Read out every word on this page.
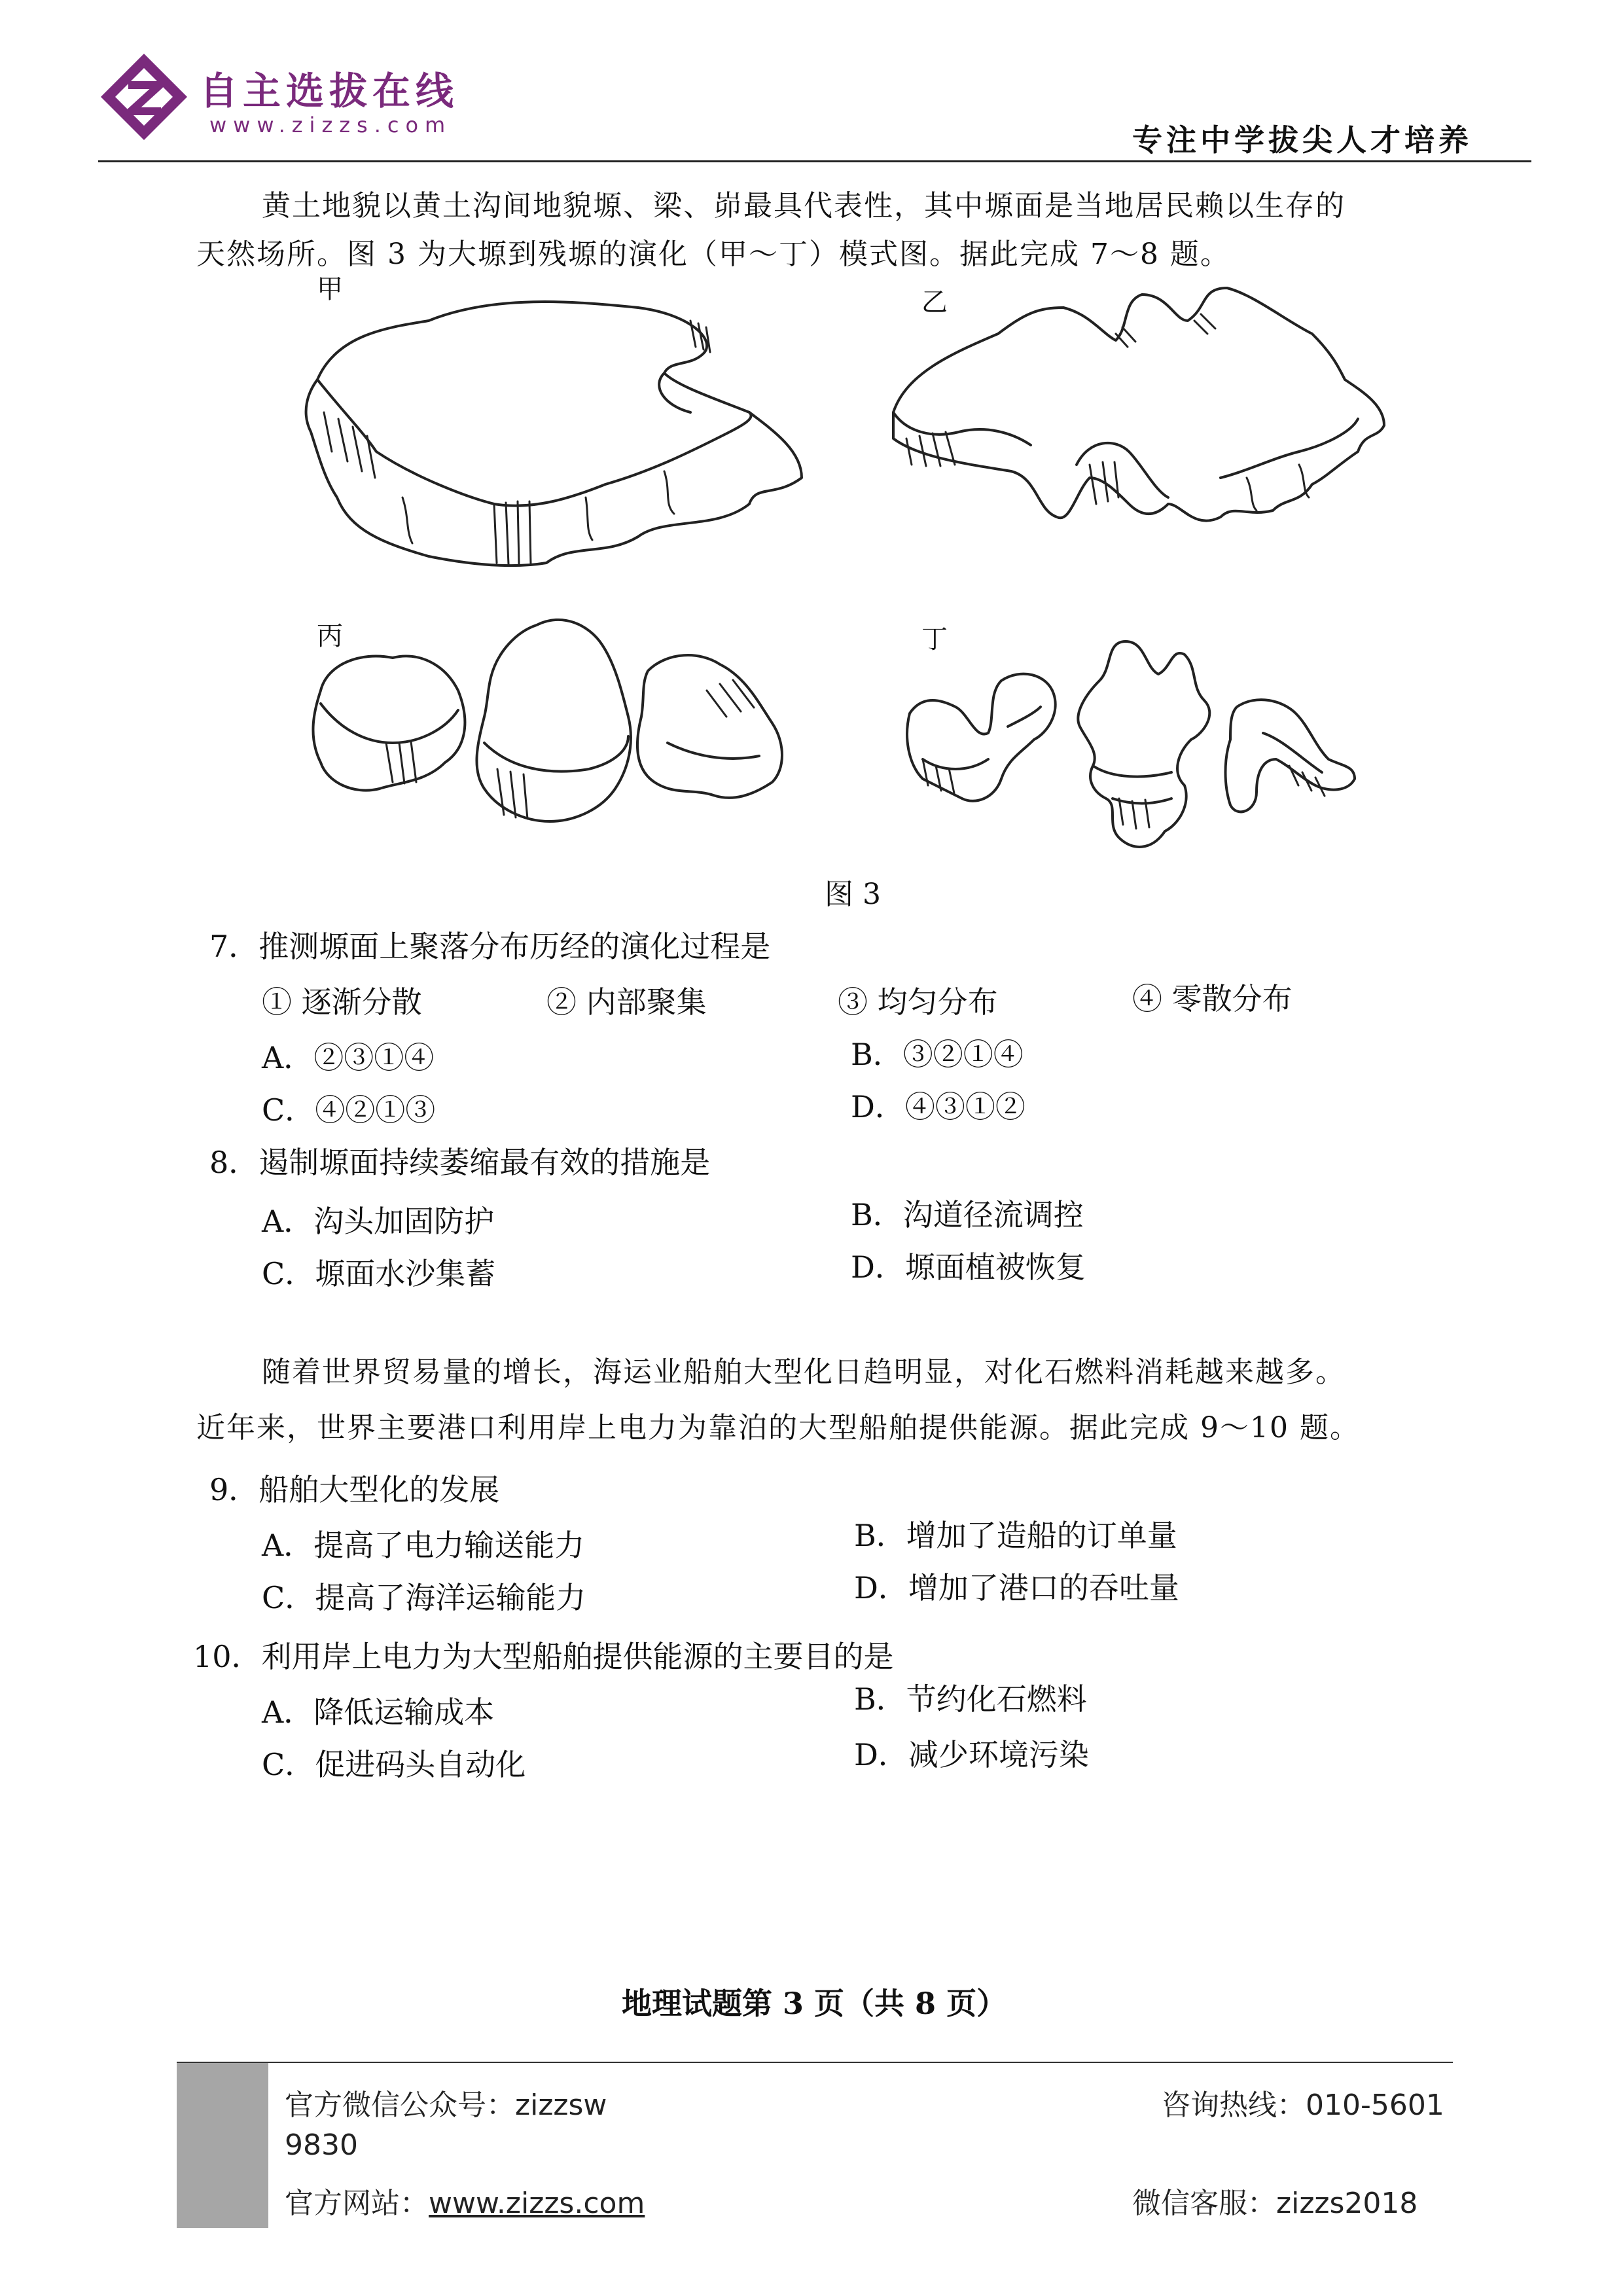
自主选拔在线
www.zizzs.com	专注中学拔尖人才培养
黄土地貌以黄土沟间地貌塬、梁、峁最具代表性，其中塬面是当地居民赖以生存的
天然场所。图 3 为大塬到残塬的演化（甲～丁）模式图。据此完成 7～8 题。
甲	乙
丙	丁
图 3
7．推测塬面上聚落分布历经的演化过程是
① 逐渐分散	② 内部聚集	③ 均匀分布	④ 零散分布
A．②③①④	B．③②①④
C．④②①③	D．④③①②
8．遏制塬面持续萎缩最有效的措施是
A．沟头加固防护	B．沟道径流调控
C．塬面水沙集蓄	D．塬面植被恢复
随着世界贸易量的增长，海运业船舶大型化日趋明显，对化石燃料消耗越来越多。
近年来，世界主要港口利用岸上电力为靠泊的大型船舶提供能源。据此完成 9～10 题。
9．船舶大型化的发展
A．提高了电力输送能力	B．增加了造船的订单量
C．提高了海洋运输能力	D．增加了港口的吞吐量
10．利用岸上电力为大型船舶提供能源的主要目的是
A．降低运输成本	B．节约化石燃料
C．促进码头自动化	D．减少环境污染
地理试题第 3 页（共 8 页）
官方微信公众号：zizzsw
9830
官方网站：www.zizzs.com
咨询热线：010-5601
微信客服：zizzs2018
